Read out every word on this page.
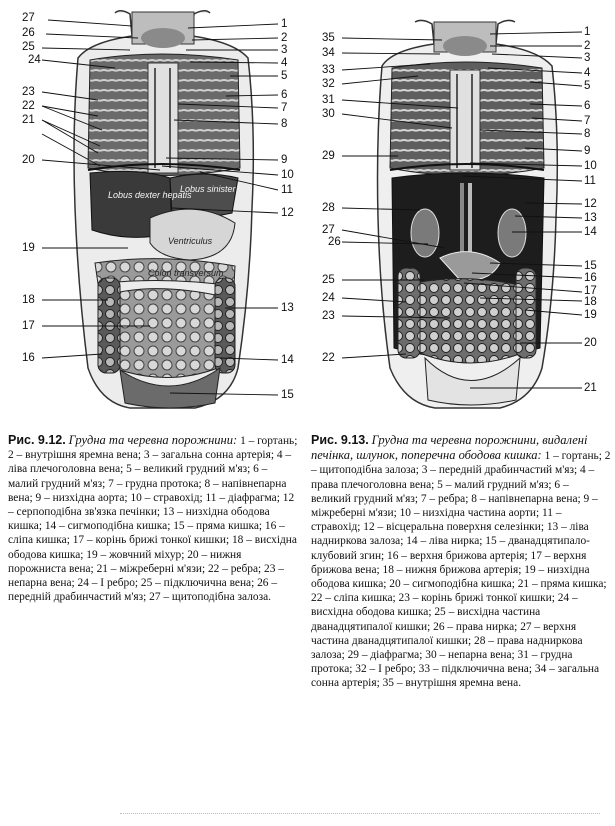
Lobus dexter hepatis
Lobus sinister
Ventriculus
Colon transversum
27
26
25
24
23
22
21
20
19
18
17
16
1
2
3
4
5
6
7
8
9
10
11
12
13
14
15
35
34
33
32
31
30
29
28
27
26
25
24
23
22
1
2
3
4
5
6
7
8
9
10
11
12
13
14
15
16
17
18
19
20
21
Рис. 9.12. Грудна та черевна порожнини: 1 – гортань; 2 – внутрішня яремна вена; 3 – загальна сонна артерія; 4 – ліва плечоголовна вена; 5 – великий грудний м'яз; 6 – малий грудний м'яз; 7 – грудна протока; 8 – напівнепарна вена; 9 – низхідна аорта; 10 – стравохід; 11 – діафрагма; 12 – серпоподібна зв'язка печінки; 13 – низхідна ободова кишка; 14 – сигмоподібна кишка; 15 – пряма кишка; 16 – сліпа кишка; 17 – корінь брижі тонкої кишки; 18 – висхідна ободова кишка; 19 – жовчний міхур; 20 – нижня порожниста вена; 21 – міжреберні м'язи; 22 – ребра; 23 – непарна вена; 24 – І ребро; 25 – підключична вена; 26 – передній драбинчастий м'яз; 27 – щитоподібна залоза.
Рис. 9.13. Грудна та черевна порожнини, видалені печінка, шлунок, поперечна ободова кишка: 1 – гортань; 2 – щитоподібна залоза; 3 – передній драбинчастий м'яз; 4 – права плечоголовна вена; 5 – малий грудний м'яз; 6 – великий грудний м'яз; 7 – ребра; 8 – напівнепарна вена; 9 – міжреберні м'язи; 10 – низхідна частина аорти; 11 – стравохід; 12 – вісцеральна поверхня селезінки; 13 – ліва надниркова залоза; 14 – ліва нирка; 15 – дванадцятипало-клубовий згин; 16 – верхня брижова артерія; 17 – верхня брижова вена; 18 – нижня брижова артерія; 19 – низхідна ободова кишка; 20 – сигмоподібна кишка; 21 – пряма кишка; 22 – сліпа кишка; 23 – корінь брижі тонкої кишки; 24 – висхідна ободова кишка; 25 – висхідна частина дванадцятипалої кишки; 26 – права нирка; 27 – верхня частина дванадцятипалої кишки; 28 – права надниркова залоза; 29 – діафрагма; 30 – непарна вена; 31 – грудна протока; 32 – І ребро; 33 – підключична вена; 34 – загальна сонна артерія; 35 – внутрішня яремна вена.
